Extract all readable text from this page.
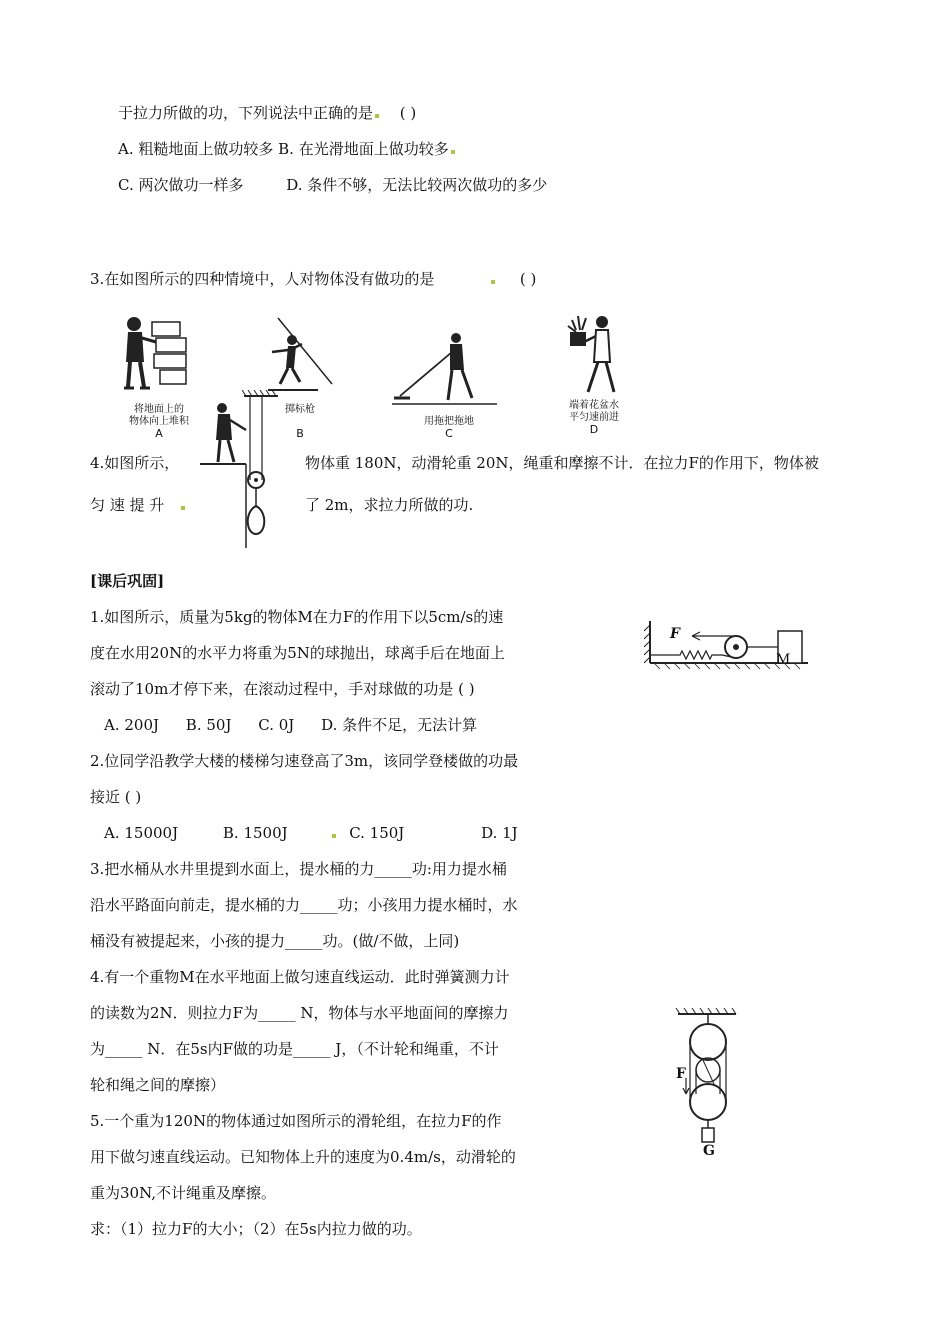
于拉力所做的功，下列说法中正确的是 ( )
A. 粗糙地面上做功较多 B. 在光滑地面上做功较多
C. 两次做功一样多	D. 条件不够，无法比较两次做功的多少
3.在如图所示的四种情境中，人对物体没有做功的是	( )
将地面上的
物体向上堆积
A
掷标枪
B
用拖把拖地
C
端着花盆水
平匀速前进
D
4.如图所示，	物体重 180N，动滑轮重 20N，绳重和摩擦不计．在拉力F的作用下，物体被
匀 速 提 升	了 2m，求拉力所做的功.
[课后巩固]
1.如图所示，质量为5kg的物体M在力F的作用下以5cm/s的速
度在水用20N的水平力将重为5N的球抛出，球离手后在地面上
滚动了10m才停下来，在滚动过程中，手对球做的功是 ( )
A. 200J B. 50J C. 0J D. 条件不足，无法计算
2.位同学沿教学大楼的楼梯匀速登高了3m，该同学登楼做的功最
接近 ( )
A. 15000J	B. 1500J	C. 150J	D. 1J
3.把水桶从水井里提到水面上，提水桶的力_____功:用力提水桶
沿水平路面向前走，提水桶的力_____功；小孩用力提水桶时，水
桶没有被提起来，小孩的提力_____功。(做/不做，上同)
4.有一个重物M在水平地面上做匀速直线运动．此时弹簧测力计
的读数为2N．则拉力F为_____ N，物体与水平地面间的摩擦力
为_____ N．在5s内F做的功是_____ J，（不计轮和绳重，不计
轮和绳之间的摩擦）
5.一个重为120N的物体通过如图所示的滑轮组，在拉力F的作
用下做匀速直线运动。已知物体上升的速度为0.4m/s，动滑轮的
重为30N,不计绳重及摩擦。
求：（1）拉力F的大小；（2）在5s内拉力做的功。
F
M
F
G
